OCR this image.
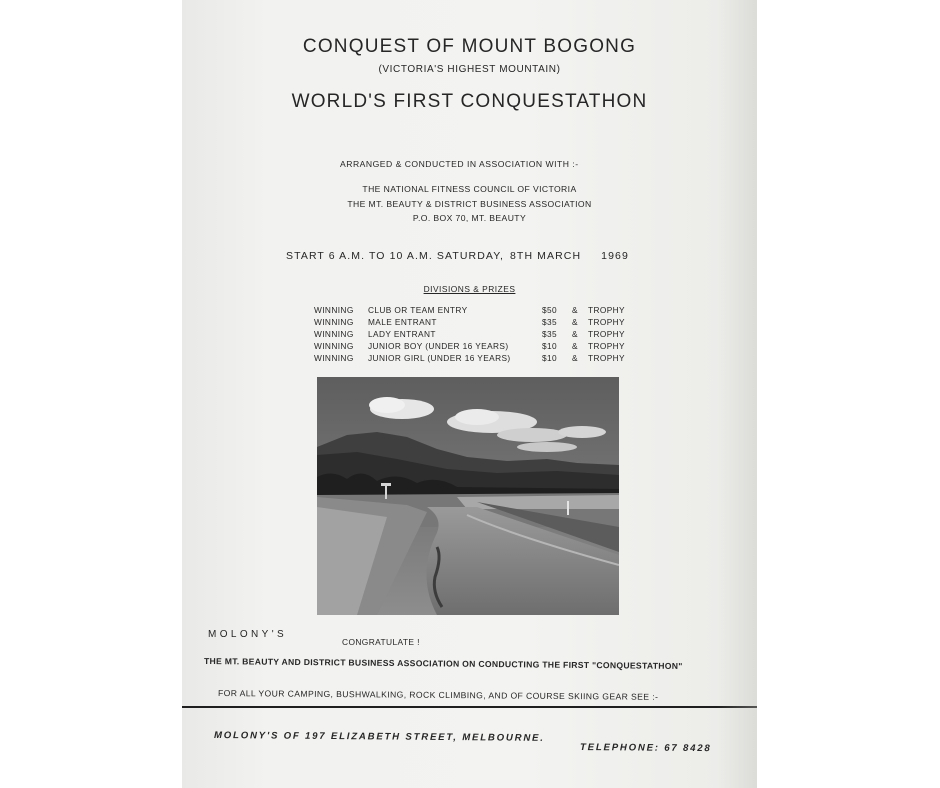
CONQUEST OF MOUNT BOGONG
(VICTORIA'S HIGHEST MOUNTAIN)
WORLD'S FIRST CONQUESTATHON
ARRANGED & CONDUCTED IN ASSOCIATION WITH :-
THE NATIONAL FITNESS COUNCIL OF VICTORIA
THE MT. BEAUTY & DISTRICT BUSINESS ASSOCIATION
P.O. BOX 70, MT. BEAUTY
START 6 A.M. TO 10 A.M. SATURDAY, 8TH MARCH 1969
DIVISIONS & PRIZES
WINNING CLUB OR TEAM ENTRY	$50 & TROPHY
WINNING MALE ENTRANT	$35 & TROPHY
WINNING LADY ENTRANT	$35 & TROPHY
WINNING JUNIOR BOY (UNDER 16 YEARS)	$10 & TROPHY
WINNING JUNIOR GIRL (UNDER 16 YEARS)	$10 & TROPHY
MOLONY'S
CONGRATULATE !
THE MT. BEAUTY AND DISTRICT BUSINESS ASSOCIATION ON CONDUCTING THE FIRST "CONQUESTATHON"
FOR ALL YOUR CAMPING, BUSHWALKING, ROCK CLIMBING, AND OF COURSE SKIING GEAR SEE :-
MOLONY'S OF 197 ELIZABETH STREET, MELBOURNE.
TELEPHONE: 67 8428
